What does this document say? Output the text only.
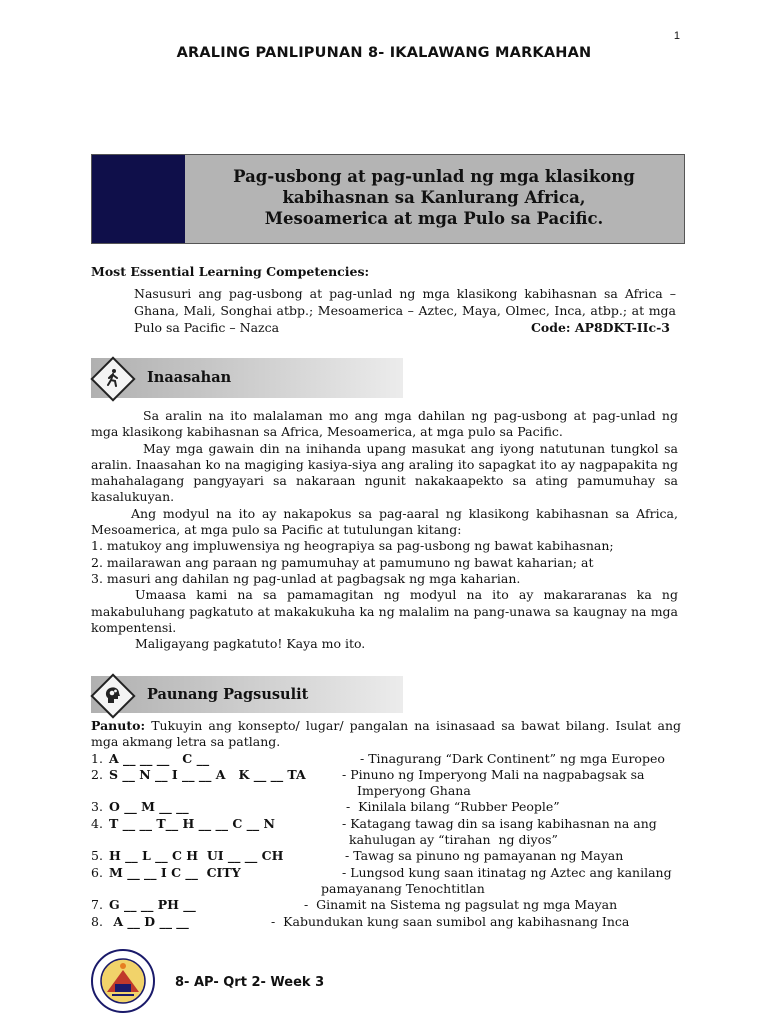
1
ARALING PANLIPUNAN 8- IKALAWANG MARKAHAN
Pag-usbong at pag-unlad ng mga klasikong
kabihasnan sa Kanlurang Africa,
Mesoamerica at mga Pulo sa Pacific.
Most Essential Learning Competencies:
Nasusuri ang pag-usbong at pag-unlad ng mga klasikong kabihasnan sa Africa – Ghana, Mali, Songhai atbp.; Mesoamerica – Aztec, Maya, Olmec, Inca, atbp.; at mga Pulo sa Pacific – Nazca	Code: AP8DKT-IIc-3
Inaasahan

Sa aralin na ito malalaman mo ang mga dahilan ng pag-usbong at pag-unlad ng mga klasikong kabihasnan sa Africa, Mesoamerica, at mga pulo sa Pacific.

May mga gawain din na inihanda upang masukat ang iyong natutunan tungkol sa aralin. Inaasahan ko na magiging kasiya-siya ang araling ito sapagkat ito ay nagpapakita ng mahahalagang pangyayari sa nakaraan ngunit nakakaapekto sa ating pamumuhay sa kasalukuyan.

Ang modyul na ito ay nakapokus sa pag-aaral ng klasikong kabihasnan sa Africa, Mesoamerica, at mga pulo sa Pacific at tutulungan kitang:

1. matukoy ang impluwensiya ng heograpiya sa pag-usbong ng bawat kabihasnan;

2. mailarawan ang paraan ng pamumuhay at pamumuno ng bawat kaharian; at

3. masuri ang dahilan ng pag-unlad at pagbagsak ng mga kaharian.

Umaasa kami na sa pamamagitan ng modyul na ito ay makararanas ka ng makabuluhang pagkatuto at makakukuha ka ng malalim na pang-unawa sa kaugnay na mga kompentensi.

Maligayang pagkatuto! Kaya mo ito.

Paunang Pagsusulit

Panuto: Tukuyin ang konsepto/ lugar/ pangalan na isinasaad sa bawat bilang. Isulat ang mga akmang letra sa patlang.

1. A __ __ __   C __	- Tinagurang “Dark Continent” ng mga Europeo
2. S __ N __ I __ __ A   K __ __ TA	- Pinuno ng Imperyong Mali na nagpabagsak sa
Imperyong Ghana
3. O __ M __ __	-  Kinilala bilang “Rubber People”
4. T __ __ T__ H __ __ C __ N	- Katagang tawag din sa isang kabihasnan na ang
kahulugan ay “tirahan  ng diyos”
5. H __ L __ C H  UI __ __ CH	- Tawag sa pinuno ng pamayanan ng Mayan
6. M __ __ I C __  CITY	- Lungsod kung saan itinatag ng Aztec ang kanilang
pamayanang Tenochtitlan
7. G __ __ PH __	-  Ginamit na Sistema ng pagsulat ng mga Mayan
8. A __ D __ __	-  Kabundukan kung saan sumibol ang kabihasnang Inca
8- AP- Qrt 2- Week 3
